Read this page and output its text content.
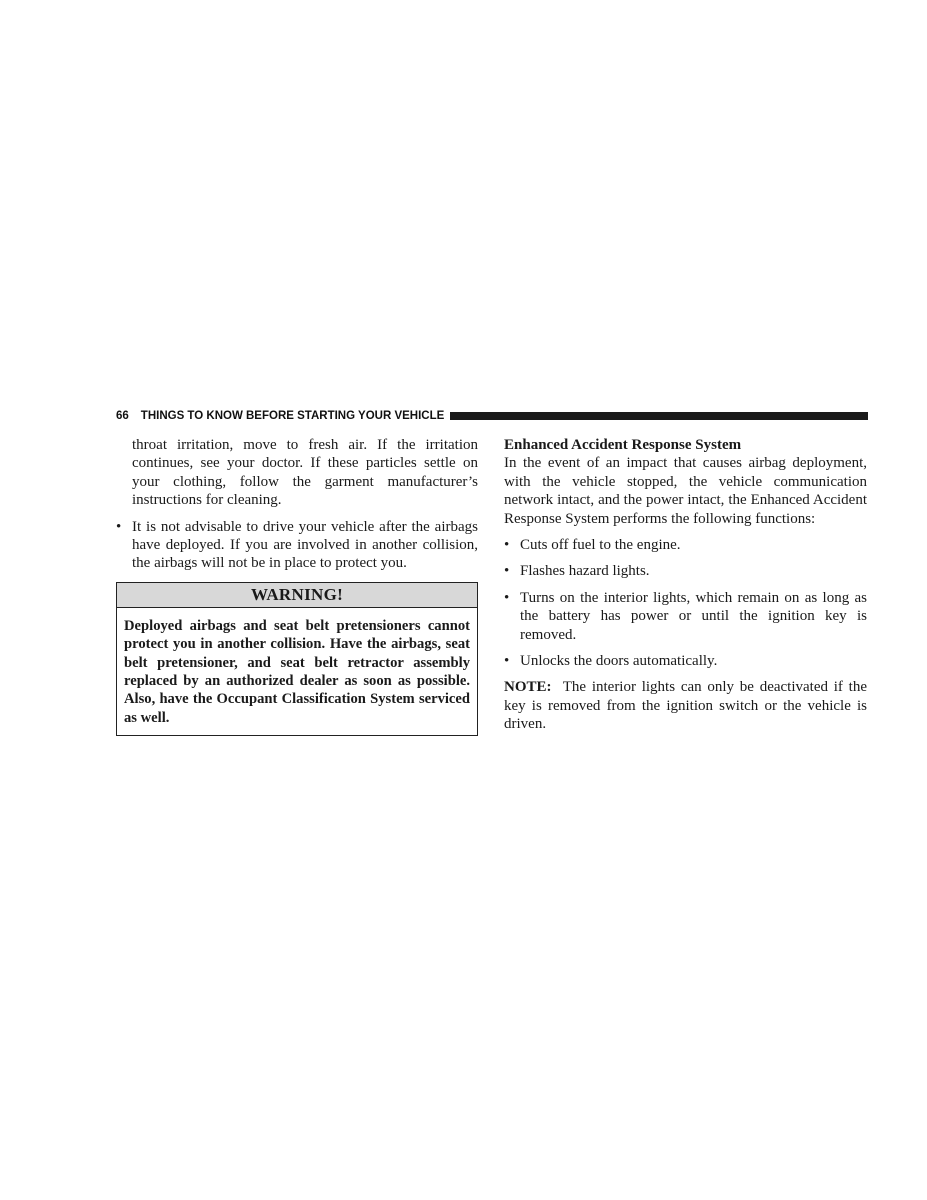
66 THINGS TO KNOW BEFORE STARTING YOUR VEHICLE

throat irritation, move to fresh air. If the irritation continues, see your doctor. If these particles settle on your clothing, follow the garment manufacturer’s instructions for cleaning.

• It is not advisable to drive your vehicle after the airbags have deployed. If you are involved in another collision, the airbags will not be in place to protect you.
WARNING!
Deployed airbags and seat belt pretensioners cannot protect you in another collision. Have the airbags, seat belt pretensioner, and seat belt retractor assembly replaced by an authorized dealer as soon as possible. Also, have the Occupant Classification System serviced as well.

Enhanced Accident Response System

In the event of an impact that causes airbag deployment, with the vehicle stopped, the vehicle communication network intact, and the power intact, the Enhanced Accident Response System performs the following functions:

• Cuts off fuel to the engine.
• Flashes hazard lights.
• Turns on the interior lights, which remain on as long as the battery has power or until the ignition key is removed.
• Unlocks the doors automatically.

NOTE: The interior lights can only be deactivated if the key is removed from the ignition switch or the vehicle is driven.
